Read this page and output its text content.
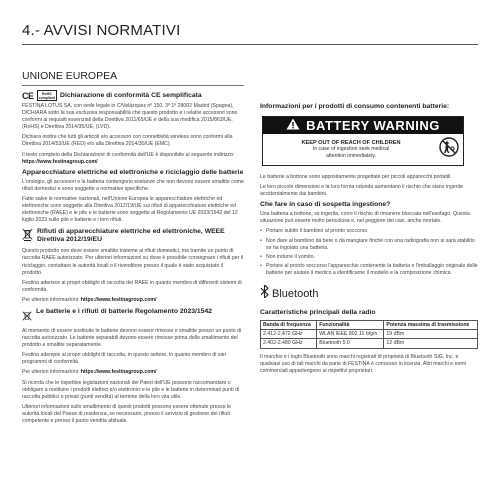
4.- AVVISI NORMATIVI
UNIONE EUROPEA
CE	RoHS
compliant Dichiarazione di conformità CE semplificata

FESTINA LOTUS SA, con sede legale in C/Velázquez nº 150, 3º 1º 28002 Madrid (Spagna), DICHIARA sotto la sua esclusiva responsabilità che questo prodotto e i relativi accessori sono conformi ai requisiti essenziali della Direttiva 2011/65/UE e della sua modifica 2015/863/UE, (RoHS) e Direttiva 2014/35/UE, (LVD).

Dichiara inoltre che tutti gli articoli e/o accessori con connettività wireless sono conformi alla Direttiva 2014/53/UE (RED) e/o alla Direttiva 2014/30/UE (EMC).

Il testo completo della Dichiarazione di conformità dell'UE è disponibile al seguente indirizzo: https://www.festinagroup.com/

Apparecchiature elettriche ed elettroniche e riciclaggio delle batterie

L'orologio, gli accessori e la batteria contengono sostanze che non devono essere smaltite come rifiuti domestici e sono soggette a normative specifiche.

Fatte salve le normative nazionali, nell'Unione Europea le apparecchiature elettriche ed elettroniche sono soggette alla Direttiva 2012/19/UE sui rifiuti di apparecchiature elettriche ed elettroniche (RAEE) e le pile e le batterie sono soggette al Regolamento UE 2023/1542 del 12 luglio 2023 sulle pile e batterie e i loro rifiuti.

Rifiuti di apparecchiature elettriche ed elettroniche, WEEE Direttiva 2012/19/EU

Questo prodotto non deve essere smaltito insieme ai rifiuti domestici, ma tramite un punto di raccolta RAEE autorizzato. Per ulteriori informazioni su dove è possibile consegnare i rifiuti per il riciclaggio, contattare le autorità locali o il rivenditore presso il quale è stato acquistato il prodotto.

Festina aderisce ai propri obblighi di raccolta dei RAEE in quanto membro di differenti sistemi di conformità.

Per ulteriori informazioni: https://www.festinagroup.com/

Le batterie e i rifiuti di batterie Regolamento 2023/1542

Al momento di essere sostituite le batterie devono essere rimosse e smaltite presso un punto di raccolta autorizzato. Le batterie separabili devono essere rimosse prima dello smaltimento del prodotto e smaltite separatamente.

Festina adempie ai propri obblighi di raccolta, in questo settore, in quanto membro di vari programmi di conformità.

Per ulteriori informazioni: https://www.festinagroup.com/

Si ricorda che le rispettive legislazioni nazionali dei Paesi dell'UE possono raccomandare o obbligare a restituire i prodotti elettrici e/o elettronici e le pile e le batterie in determinati punti di raccolta pubblici o privati (punti vendita) al termine della loro vita utile.

Ulteriori informazioni sullo smaltimento di questi prodotti possono essere ottenute presso le autorità locali del Paese di residenza, se necessario, presso il servizio di gestione dei rifiuti competente e presso il punto vendita abituale.

Informazioni per i prodotti di consumo contenenti batterie:
BATTERY WARNING
KEEP OUT OF REACH OF CHILDREN
In case of ingestion seek medical
attention immediately.

Le batterie a bottone sono appositamente progettate per piccoli apparecchi portatili.

Le loro piccole dimensioni e la loro forma rotonda aumentano il rischio che siano ingerite accidentalmente dai bambini.

Che fare in caso di sospetta ingestione?

Una batteria a bottone, se ingerita, corre il rischio di rimanere bloccata nell'esofago. Questa situazione può essere molto pericolosa e, nel peggiore dei casi, anche mortale.

• Portare subito il bambino al pronto soccorso.
• Non dare al bambino da bere o da mangiare finché con una radiografia non si sarà stabilito se ha ingoiato una batteria.
• Non indurre il vomito.
• Portare al pronto soccorso l'apparecchio contenente la batteria o l'imballaggio originale delle batterie per aiutare il medico a identificarne il modello e la composizione chimica.
Bluetooth
Caratteristiche principali della radio
Banda di frequenza	Funzionalità	Potenza massima di trasmissione
2.412-2.472 GHz	WLAN IEEE 802.11 b/g/n	19 dBm
2.402-2.480 GHz	Bluetooth 5.0	12 dBm

Il marchio e i loghi Bluetooth sono marchi registrati di proprietà di Bluetooth SIG, Inc. e qualsiasi uso di tali marchi da parte di FESTINA è concesso in licenza. Altri marchi e nomi commerciali appartengono ai rispettivi proprietari.
